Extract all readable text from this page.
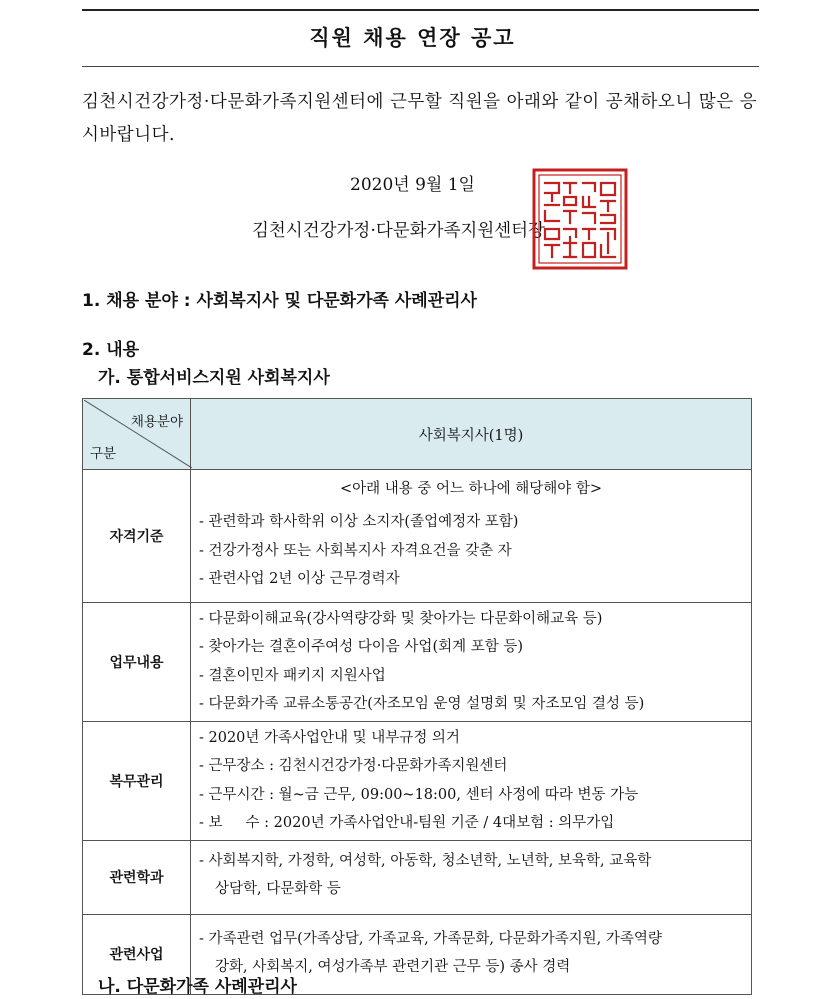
직원 채용 연장 공고
김천시건강가정·다문화가족지원센터에 근무할 직원을 아래와 같이 공채하오니 많은 응시바랍니다.
2020년 9월 1일
김천시건강가정·다문화가족지원센터장
1. 채용 분야 : 사회복지사 및 다문화가족 사례관리사
2. 내용
가. 통합서비스지원 사회복지사
채용분야
구분	사회복지사(1명)
자격기준	<아래 내용 중 어느 하나에 해당해야 함>
- 관련학과 학사학위 이상 소지자(졸업예정자 포함)
- 건강가정사 또는 사회복지사 자격요건을 갖춘 자
- 관련사업 2년 이상 근무경력자

업무내용	- 다문화이해교육(강사역량강화 및 찾아가는 다문화이해교육 등)
- 찾아가는 결혼이주여성 다이음 사업(회계 포함 등)
- 결혼이민자 패키지 지원사업
- 다문화가족 교류소통공간(자조모임 운영 설명회 및 자조모임 결성 등)

복무관리	- 2020년 가족사업안내 및 내부규정 의거
- 근무장소 : 김천시건강가정·다문화가족지원센터
- 근무시간 : 월~금 근무, 09:00~18:00, 센터 사정에 따라 변동 가능
- 보     수 : 2020년 가족사업안내-팀원 기준 / 4대보험 : 의무가입

관련학과	- 사회복지학, 가정학, 여성학, 아동학, 청소년학, 노년학, 보육학, 교육학
상담학, 다문화학 등

관련사업	- 가족관련 업무(가족상담, 가족교육, 가족문화, 다문화가족지원, 가족역량
강화, 사회복지, 여성가족부 관련기관 근무 등) 종사 경력
나. 다문화가족 사례관리사
